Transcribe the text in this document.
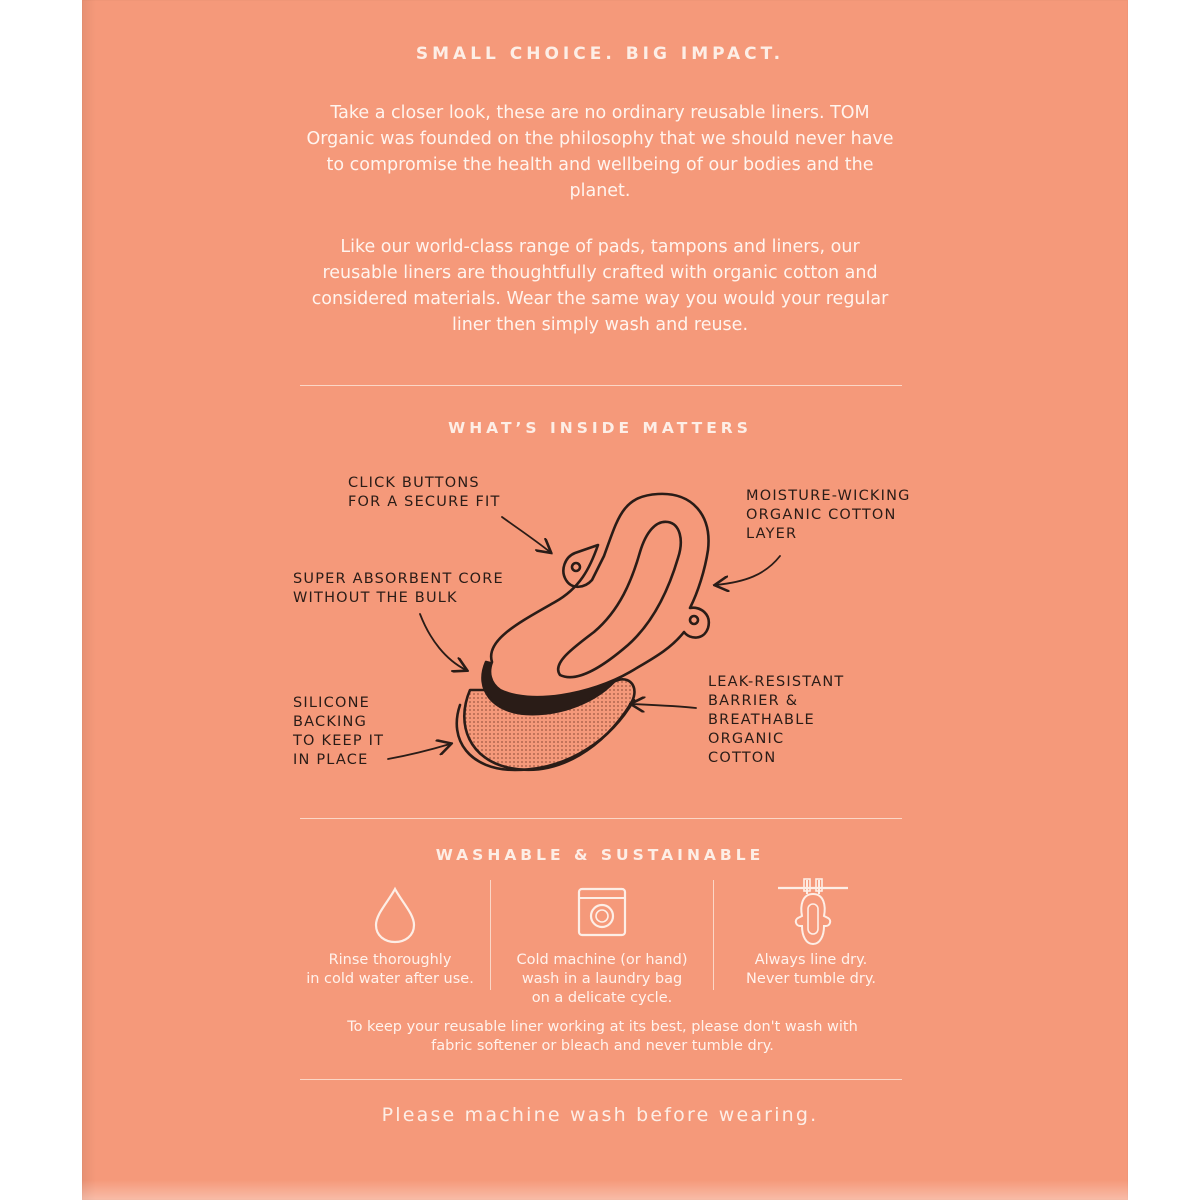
SMALL CHOICE. BIG IMPACT.

Take a closer look, these are no ordinary reusable liners. TOM Organic was founded on the philosophy that we should never have to compromise the health and wellbeing of our bodies and the planet.

Like our world-class range of pads, tampons and liners, our reusable liners are thoughtfully crafted with organic cotton and considered materials. Wear the same way you would your regular liner then simply wash and reuse.

WHAT’S INSIDE MATTERS
CLICK BUTTONS
FOR A SECURE FIT	MOISTURE-WICKING
ORGANIC COTTON
LAYER
SUPER ABSORBENT CORE
WITHOUT THE BULK
LEAK-RESISTANT
BARRIER &
BREATHABLE
ORGANIC
COTTON
SILICONE
BACKING
TO KEEP IT
IN PLACE
WASHABLE & SUSTAINABLE
Rinse thoroughly
in cold water after use.
Cold machine (or hand)
wash in a laundry bag
on a delicate cycle.
Always line dry.
Never tumble dry.
To keep your reusable liner working at its best, please don't wash with
fabric softener or bleach and never tumble dry.
Please machine wash before wearing.
